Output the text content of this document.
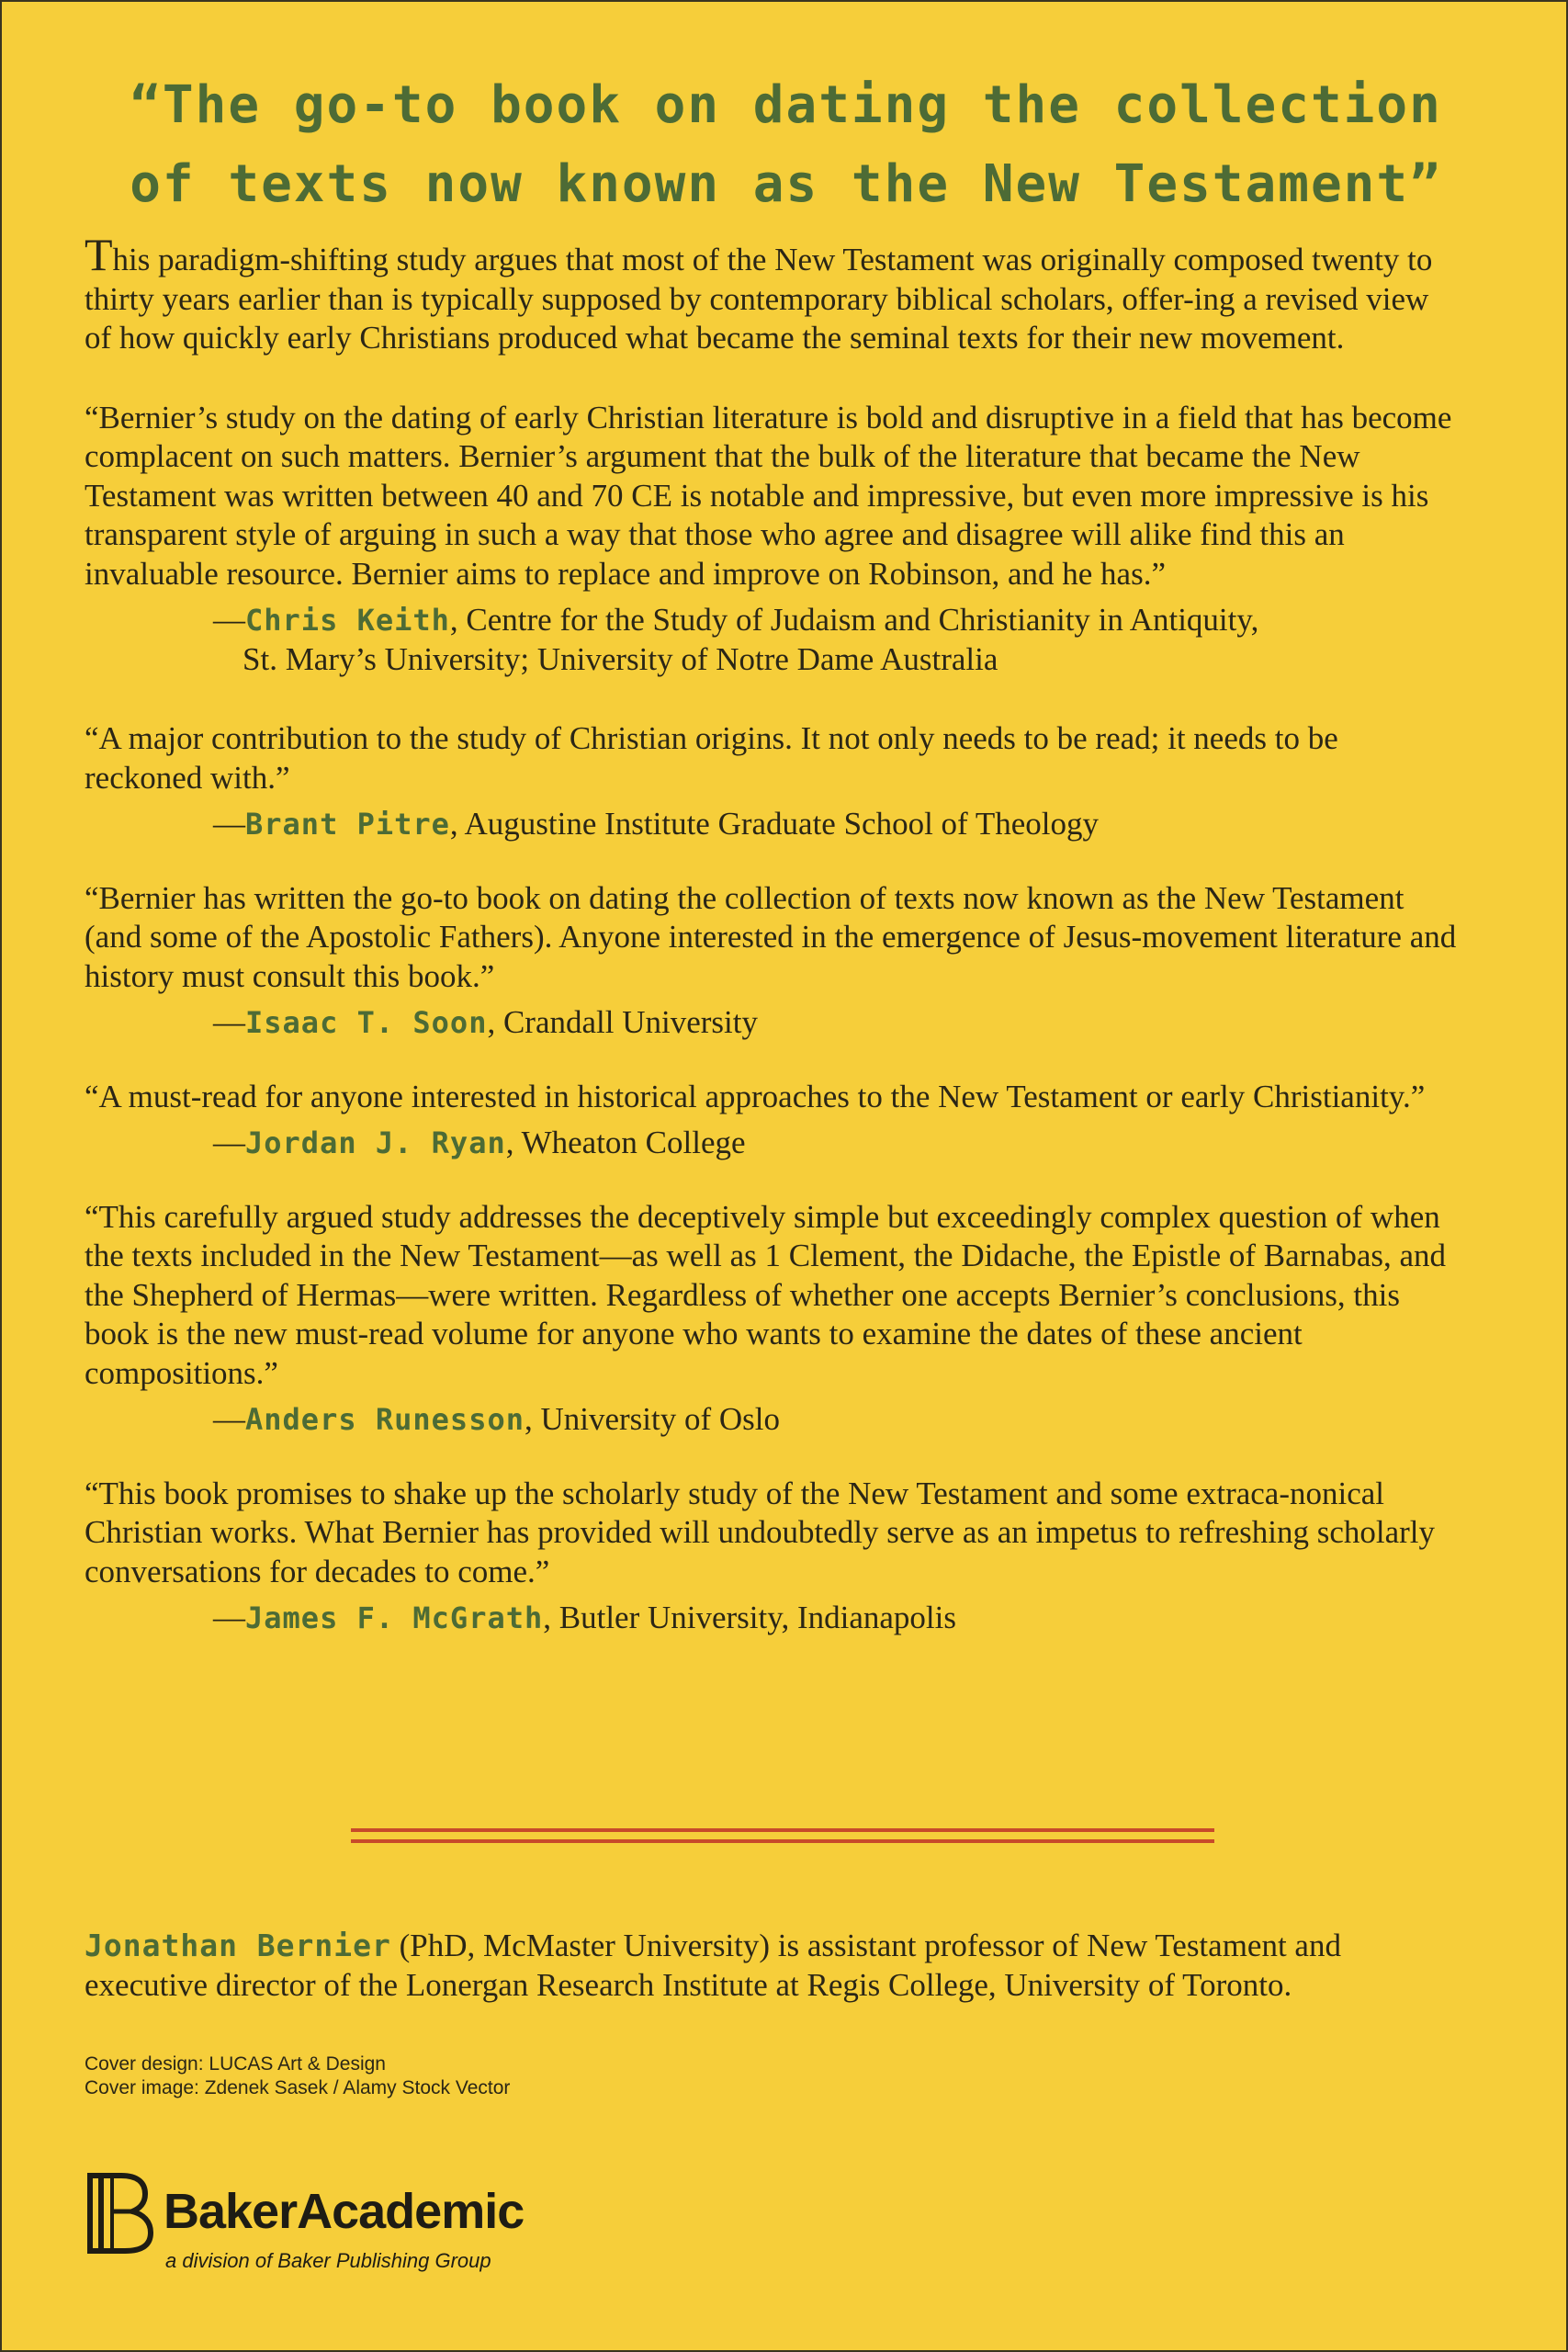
“The go-to book on dating the collection of texts now known as the New Testament”

This paradigm-shifting study argues that most of the New Testament was originally composed twenty to thirty years earlier than is typically supposed by contemporary biblical scholars, offer-ing a revised view of how quickly early Christians produced what became the seminal texts for their new movement.

“Bernier’s study on the dating of early Christian literature is bold and disruptive in a field that has become complacent on such matters. Bernier’s argument that the bulk of the literature that became the New Testament was written between 40 and 70 CE is notable and impressive, but even more impressive is his transparent style of arguing in such a way that those who agree and disagree will alike find this an invaluable resource. Bernier aims to replace and improve on Robinson, and he has.”

—Chris Keith, Centre for the Study of Judaism and Christianity in Antiquity,
St. Mary’s University; University of Notre Dame Australia

“A major contribution to the study of Christian origins. It not only needs to be read; it needs to be reckoned with.”

—Brant Pitre, Augustine Institute Graduate School of Theology

“Bernier has written the go-to book on dating the collection of texts now known as the New Testament (and some of the Apostolic Fathers). Anyone interested in the emergence of Jesus-movement literature and history must consult this book.”

—Isaac T. Soon, Crandall University

“A must-read for anyone interested in historical approaches to the New Testament or early Christianity.”

—Jordan J. Ryan, Wheaton College

“This carefully argued study addresses the deceptively simple but exceedingly complex question of when the texts included in the New Testament—as well as 1 Clement, the Didache, the Epistle of Barnabas, and the Shepherd of Hermas—were written. Regardless of whether one accepts Bernier’s conclusions, this book is the new must-read volume for anyone who wants to examine the dates of these ancient compositions.”

—Anders Runesson, University of Oslo

“This book promises to shake up the scholarly study of the New Testament and some extraca-nonical Christian works. What Bernier has provided will undoubtedly serve as an impetus to refreshing scholarly conversations for decades to come.”

—James F. McGrath, Butler University, Indianapolis

Jonathan Bernier (PhD, McMaster University) is assistant professor of New Testament and executive director of the Lonergan Research Institute at Regis College, University of Toronto.

Cover design: LUCAS Art & Design
Cover image: Zdenek Sasek / Alamy Stock Vector
BakerAcademic
a division of Baker Publishing Group
